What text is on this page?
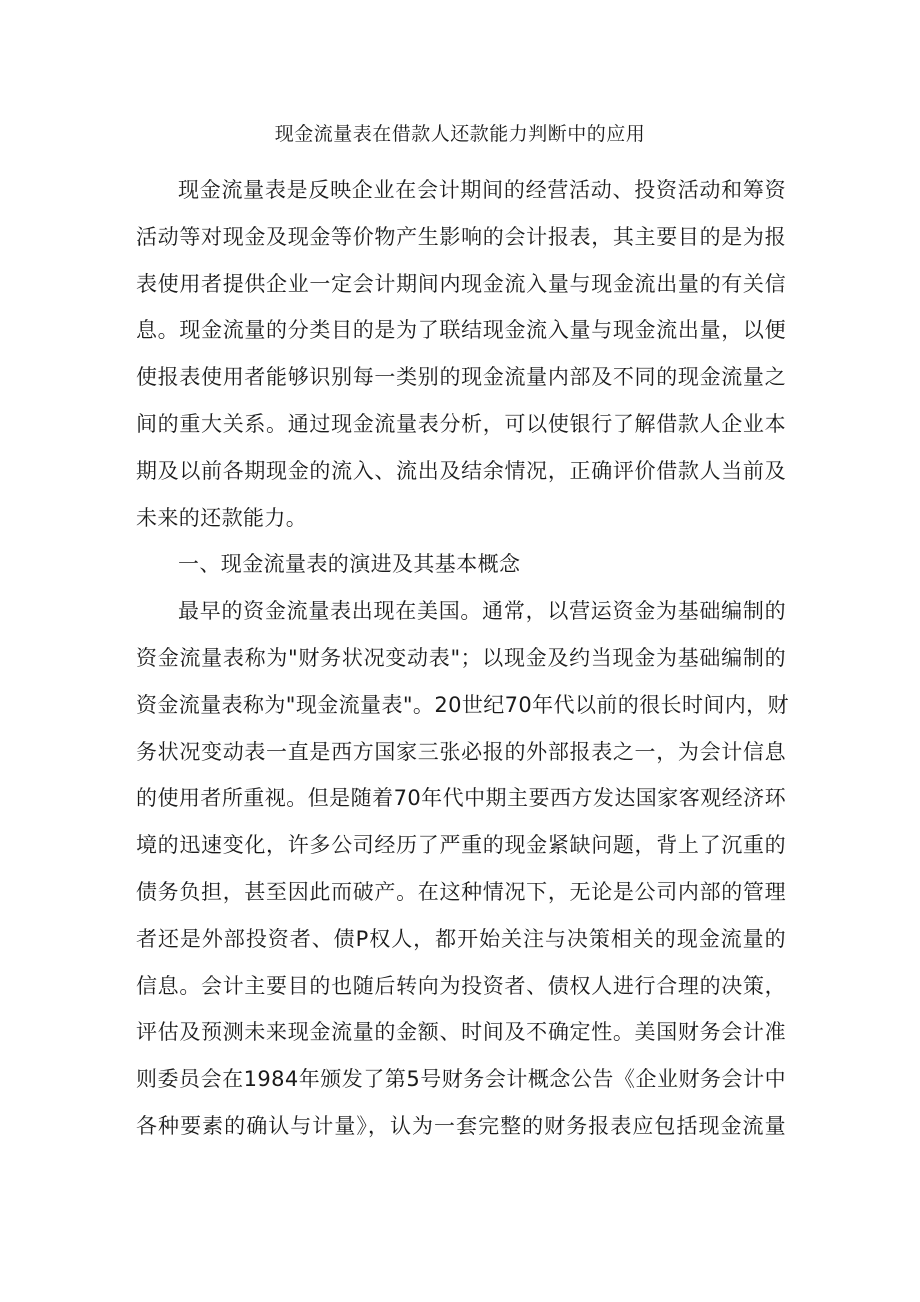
现金流量表在借款人还款能力判断中的应用
现金流量表是反映企业在会计期间的经营活动、投资活动和筹资
活动等对现金及现金等价物产生影响的会计报表，其主要目的是为报
表使用者提供企业一定会计期间内现金流入量与现金流出量的有关信
息。现金流量的分类目的是为了联结现金流入量与现金流出量，以便
使报表使用者能够识别每一类别的现金流量内部及不同的现金流量之
间的重大关系。通过现金流量表分析，可以使银行了解借款人企业本
期及以前各期现金的流入、流出及结余情况，正确评价借款人当前及
未来的还款能力。
一、现金流量表的演进及其基本概念
最早的资金流量表出现在美国。通常，以营运资金为基础编制的
资金流量表称为"财务状况变动表"；以现金及约当现金为基础编制的
资金流量表称为"现金流量表"。20世纪70年代以前的很长时间内，财
务状况变动表一直是西方国家三张必报的外部报表之一，为会计信息
的使用者所重视。但是随着70年代中期主要西方发达国家客观经济环
境的迅速变化，许多公司经历了严重的现金紧缺问题，背上了沉重的
债务负担，甚至因此而破产。在这种情况下，无论是公司内部的管理
者还是外部投资者、债P权人，都开始关注与决策相关的现金流量的
信息。会计主要目的也随后转向为投资者、债权人进行合理的决策，
评估及预测未来现金流量的金额、时间及不确定性。美国财务会计准
则委员会在1984年颁发了第5号财务会计概念公告《企业财务会计中
各种要素的确认与计量》，认为一套完整的财务报表应包括现金流量
